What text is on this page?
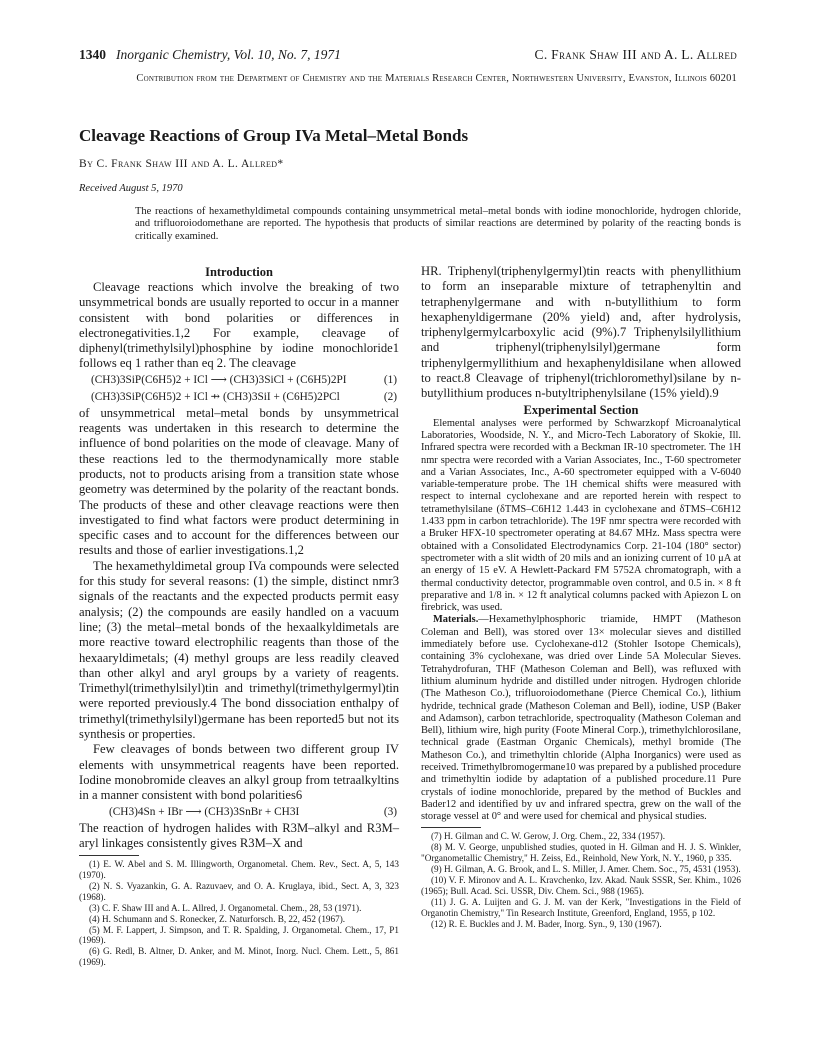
1340 Inorganic Chemistry, Vol. 10, No. 7, 1971	C. Frank Shaw III and A. L. Allred
Contribution from the Department of Chemistry and the Materials Research Center, Northwestern University, Evanston, Illinois 60201
Cleavage Reactions of Group IVa Metal–Metal Bonds
By C. Frank Shaw III and A. L. Allred*
Received August 5, 1970
The reactions of hexamethyldimetal compounds containing unsymmetrical metal–metal bonds with iodine monochloride, hydrogen chloride, and trifluoroiodomethane are reported. The hypothesis that products of similar reactions are determined by polarity of the reacting bonds is critically examined.
Introduction

Cleavage reactions which involve the breaking of two unsymmetrical bonds are usually reported to occur in a manner consistent with bond polarities or differences in electronegativities.1,2 For example, cleavage of diphenyl(trimethylsilyl)phosphine by iodine monochloride1 follows eq 1 rather than eq 2. The cleavage

(CH3)3SiP(C6H5)2 + ICl ⟶ (CH3)3SiCl + (C6H5)2PI	(1)
(CH3)3SiP(C6H5)2 + ICl ⇸ (CH3)3SiI + (C6H5)2PCl	(2)

of unsymmetrical metal–metal bonds by unsymmetrical reagents was undertaken in this research to determine the influence of bond polarities on the mode of cleavage. Many of these reactions led to the thermodynamically more stable products, not to products arising from a transition state whose geometry was determined by the polarity of the reactant bonds. The products of these and other cleavage reactions were then investigated to find what factors were product determining in specific cases and to account for the differences between our results and those of earlier investigations.1,2

The hexamethyldimetal group IVa compounds were selected for this study for several reasons: (1) the simple, distinct nmr3 signals of the reactants and the expected products permit easy analysis; (2) the compounds are easily handled on a vacuum line; (3) the metal–metal bonds of the hexaalkyldimetals are more reactive toward electrophilic reagents than those of the hexaaryldimetals; (4) methyl groups are less readily cleaved than other alkyl and aryl groups by a variety of reagents. Trimethyl(trimethylsilyl)tin and trimethyl(trimethylgermyl)tin were reported previously.4 The bond dissociation enthalpy of trimethyl(trimethylsilyl)germane has been reported5 but not its synthesis or properties.

Few cleavages of bonds between two different group IV elements with unsymmetrical reagents have been reported. Iodine monobromide cleaves an alkyl group from tetraalkyltins in a manner consistent with bond polarities6

(CH3)4Sn + IBr ⟶ (CH3)3SnBr + CH3I	(3)

The reaction of hydrogen halides with R3M–alkyl and R3M–aryl linkages consistently gives R3M–X and

(1) E. W. Abel and S. M. Illingworth, Organometal. Chem. Rev., Sect. A, 5, 143 (1970).

(2) N. S. Vyazankin, G. A. Razuvaev, and O. A. Kruglaya, ibid., Sect. A, 3, 323 (1968).

(3) C. F. Shaw III and A. L. Allred, J. Organometal. Chem., 28, 53 (1971).

(4) H. Schumann and S. Ronecker, Z. Naturforsch. B, 22, 452 (1967).

(5) M. F. Lappert, J. Simpson, and T. R. Spalding, J. Organometal. Chem., 17, P1 (1969).

(6) G. Redl, B. Altner, D. Anker, and M. Minot, Inorg. Nucl. Chem. Lett., 5, 861 (1969).

HR. Triphenyl(triphenylgermyl)tin reacts with phenyllithium to form an inseparable mixture of tetraphenyltin and tetraphenylgermane and with n-butyllithium to form hexaphenyldigermane (20% yield) and, after hydrolysis, triphenylgermylcarboxylic acid (9%).7 Triphenylsilyllithium and triphenyl(triphenylsilyl)germane form triphenylgermyllithium and hexaphenyldisilane when allowed to react.8 Cleavage of triphenyl(trichloromethyl)silane by n-butyllithium produces n-butyltriphenylsilane (15% yield).9

Experimental Section

Elemental analyses were performed by Schwarzkopf Microanalytical Laboratories, Woodside, N. Y., and Micro-Tech Laboratory of Skokie, Ill. Infrared spectra were recorded with a Beckman IR-10 spectrometer. The 1H nmr spectra were recorded with a Varian Associates, Inc., T-60 spectrometer and a Varian Associates, Inc., A-60 spectrometer equipped with a V-6040 variable-temperature probe. The 1H chemical shifts were measured with respect to internal cyclohexane and are reported herein with respect to tetramethylsilane (δTMS–C6H12 1.443 in cyclohexane and δTMS–C6H12 1.433 ppm in carbon tetrachloride). The 19F nmr spectra were recorded with a Bruker HFX-10 spectrometer operating at 84.67 MHz. Mass spectra were obtained with a Consolidated Electrodynamics Corp. 21-104 (180° sector) spectrometer with a slit width of 20 mils and an ionizing current of 10 μA at an energy of 15 eV. A Hewlett-Packard FM 5752A chromatograph, with a thermal conductivity detector, programmable oven control, and 0.5 in. × 8 ft preparative and 1/8 in. × 12 ft analytical columns packed with Apiezon L on firebrick, was used.

Materials.—Hexamethylphosphoric triamide, HMPT (Matheson Coleman and Bell), was stored over 13× molecular sieves and distilled immediately before use. Cyclohexane-d12 (Stohler Isotope Chemicals), containing 3% cyclohexane, was dried over Linde 5A Molecular Sieves. Tetrahydrofuran, THF (Matheson Coleman and Bell), was refluxed with lithium aluminum hydride and distilled under nitrogen. Hydrogen chloride (The Matheson Co.), trifluoroiodomethane (Pierce Chemical Co.), lithium hydride, technical grade (Matheson Coleman and Bell), iodine, USP (Baker and Adamson), carbon tetrachloride, spectroquality (Matheson Coleman and Bell), lithium wire, high purity (Foote Mineral Corp.), trimethylchlorosilane, technical grade (Eastman Organic Chemicals), methyl bromide (The Matheson Co.), and trimethyltin chloride (Alpha Inorganics) were used as received. Trimethylbromogermane10 was prepared by a published procedure and trimethyltin iodide by adaptation of a published procedure.11 Pure crystals of iodine monochloride, prepared by the method of Buckles and Bader12 and identified by uv and infrared spectra, grew on the wall of the storage vessel at 0° and were used for chemical and physical studies.

(7) H. Gilman and C. W. Gerow, J. Org. Chem., 22, 334 (1957).

(8) M. V. George, unpublished studies, quoted in H. Gilman and H. J. S. Winkler, "Organometallic Chemistry," H. Zeiss, Ed., Reinhold, New York, N. Y., 1960, p 335.

(9) H. Gilman, A. G. Brook, and L. S. Miller, J. Amer. Chem. Soc., 75, 4531 (1953).

(10) V. F. Mironov and A. L. Kravchenko, Izv. Akad. Nauk SSSR, Ser. Khim., 1026 (1965); Bull. Acad. Sci. USSR, Div. Chem. Sci., 988 (1965).

(11) J. G. A. Luijten and G. J. M. van der Kerk, "Investigations in the Field of Organotin Chemistry," Tin Research Institute, Greenford, England, 1955, p 102.

(12) R. E. Buckles and J. M. Bader, Inorg. Syn., 9, 130 (1967).
